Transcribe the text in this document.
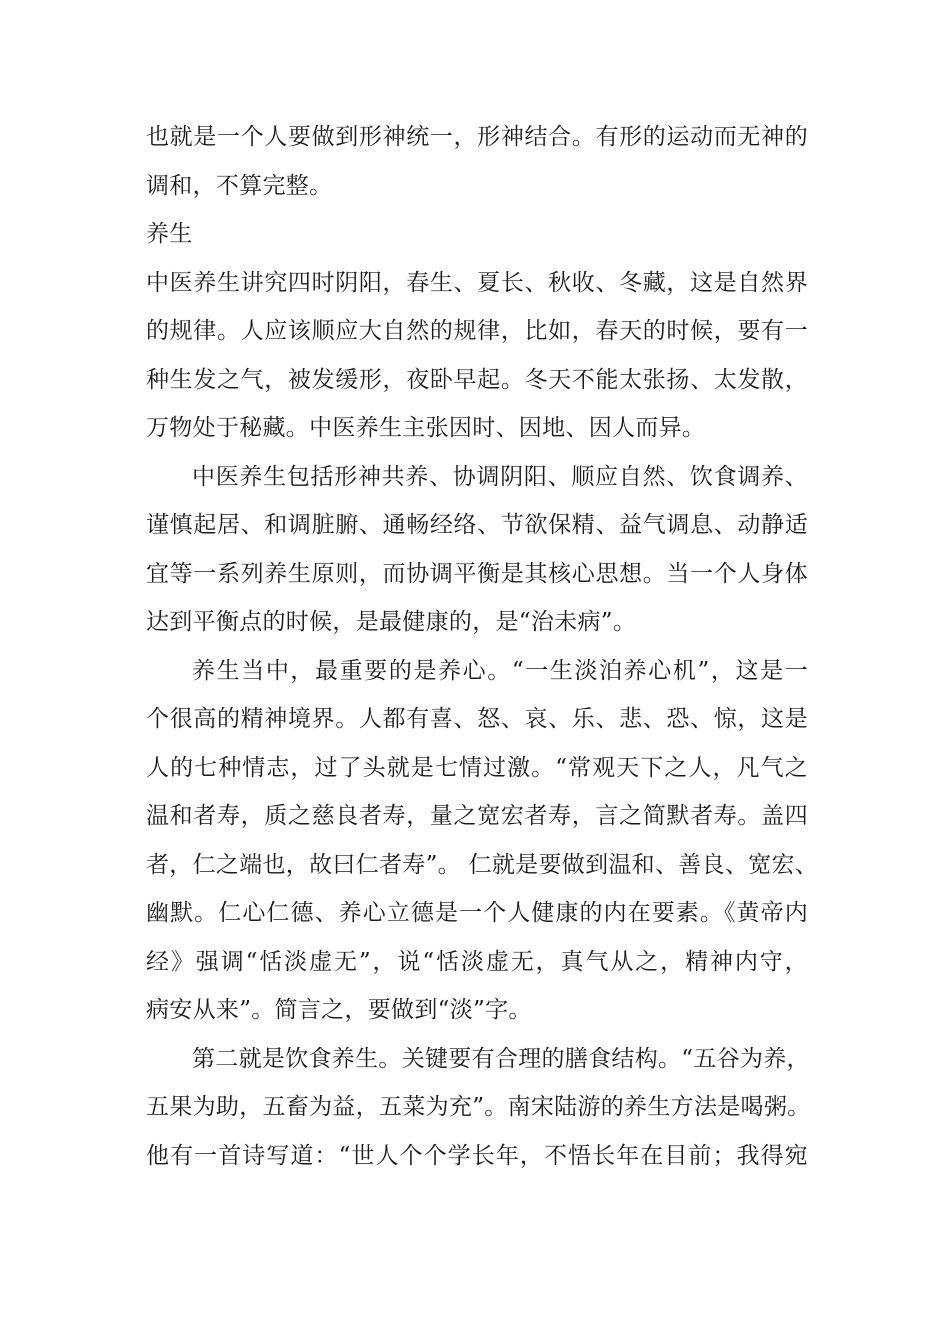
也就是一个人要做到形神统一，形神结合。有形的运动而无神的
调和，不算完整。
养生
中医养生讲究四时阴阳，春生、夏长、秋收、冬藏，这是自然界
的规律。人应该顺应大自然的规律，比如，春天的时候，要有一
种生发之气，被发缓形，夜卧早起。冬天不能太张扬、太发散，
万物处于秘藏。中医养生主张因时、因地、因人而异。
中医养生包括形神共养、协调阴阳、顺应自然、饮食调养、
谨慎起居、和调脏腑、通畅经络、节欲保精、益气调息、动静适
宜等一系列养生原则，而协调平衡是其核心思想。当一个人身体
达到平衡点的时候，是最健康的，是“治未病”。
养生当中，最重要的是养心。“一生淡泊养心机”，这是一
个很高的精神境界。人都有喜、怒、哀、乐、悲、恐、惊，这是
人的七种情志，过了头就是七情过激。“常观天下之人，凡气之
温和者寿，质之慈良者寿，量之宽宏者寿，言之简默者寿。盖四
者，仁之端也，故曰仁者寿”。 仁就是要做到温和、善良、宽宏、
幽默。仁心仁德、养心立德是一个人健康的内在要素。《黄帝内
经》强调“恬淡虚无”，说“恬淡虚无，真气从之，精神内守，
病安从来”。简言之，要做到“淡”字。
第二就是饮食养生。关键要有合理的膳食结构。“五谷为养，
五果为助，五畜为益，五菜为充”。南宋陆游的养生方法是喝粥。
他有一首诗写道：“世人个个学长年，不悟长年在目前；我得宛
